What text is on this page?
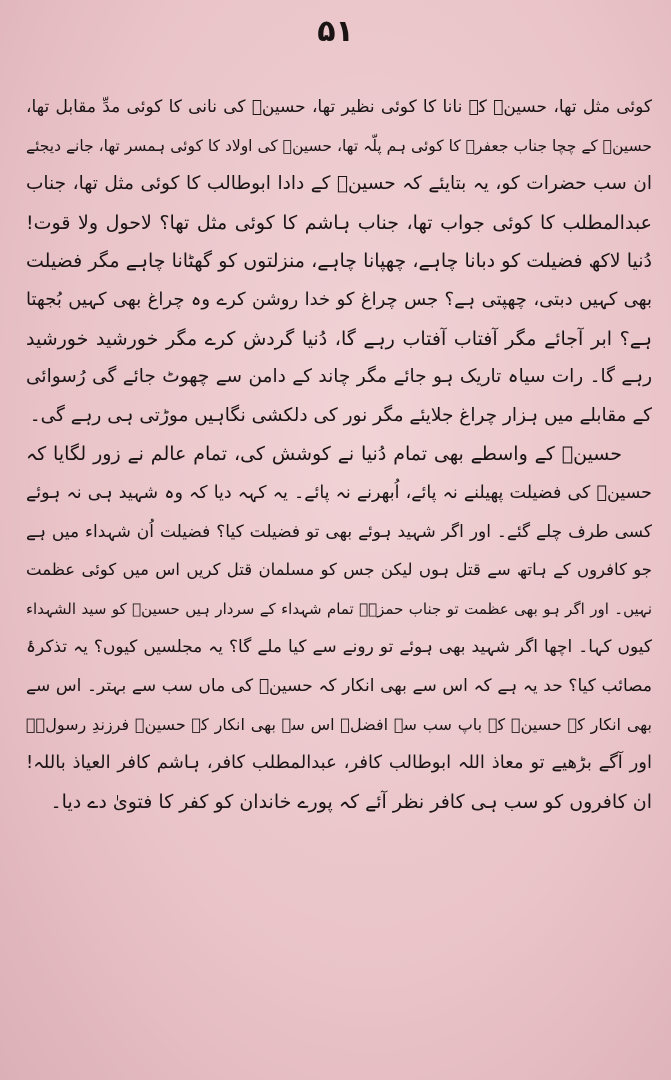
۵۱
کوئی مثل تھا، حسینؑ کے نانا کا کوئی نظیر تھا، حسینؑ کی نانی کا کوئی مدِّ مقابل تھا،
حسینؑ کے چچا جناب جعفرؑ کا کوئی ہم پلّہ تھا، حسینؑ کی اولاد کا کوئی ہمسر تھا، جانے دیجئے
ان سب حضرات کو، یہ بتایئے کہ حسینؑ کے دادا ابوطالب کا کوئی مثل تھا، جناب
عبدالمطلب کا کوئی جواب تھا، جناب ہاشم کا کوئی مثل تھا؟ لاحول ولا قوت!
دُنیا لاکھ فضیلت کو دبانا چاہے، چھپانا چاہے، منزلتوں کو گھٹانا چاہے مگر فضیلت
بھی کہیں دبتی، چھپتی ہے؟ جس چراغ کو خدا روشن کرے وہ چراغ بھی کہیں بُجھتا
ہے؟ ابر آجائے مگر آفتاب آفتاب رہے گا، دُنیا گردش کرے مگر خورشید خورشید
رہے گا۔ رات سیاہ تاریک ہو جائے مگر چاند کے دامن سے چھوٹ جائے گی رُسوائی
کے مقابلے میں ہزار چراغ جلایئے مگر نور کی دلکشی نگاہیں موڑتی ہی رہے گی۔
حسینؑ کے واسطے بھی تمام دُنیا نے کوشش کی، تمام عالم نے زور لگایا کہ
حسینؑ کی فضیلت پھیلنے نہ پائے، اُبھرنے نہ پائے۔ یہ کہہ دیا کہ وہ شہید ہی نہ ہوئے
کسی طرف چلے گئے۔ اور اگر شہید ہوئے بھی تو فضیلت کیا؟ فضیلت اُن شہداء میں ہے
جو کافروں کے ہاتھ سے قتل ہوں لیکن جس کو مسلمان قتل کریں اس میں کوئی عظمت
نہیں۔ اور اگر ہو بھی عظمت تو جناب حمزہؑ تمام شہداء کے سردار ہیں حسینؑ کو سید الشہداء
کیوں کہا۔ اچھا اگر شہید بھی ہوئے تو رونے سے کیا ملے گا؟ یہ مجلسیں کیوں؟ یہ تذکرۂ
مصائب کیا؟ حد یہ ہے کہ اس سے بھی انکار کہ حسینؑ کی ماں سب سے بہتر۔ اس سے
بھی انکار کہ حسینؑ کے باپ سب سے افضل۔ اس سے بھی انکار کہ حسینؑ فرزندِ رسولؐ۔
اور آگے بڑھیے تو معاذ اللہ ابوطالب کافر، عبدالمطلب کافر، ہاشم کافر العیاذ باللہ!
ان کافروں کو سب ہی کافر نظر آئے کہ پورے خاندان کو کفر کا فتویٰ دے دیا۔
